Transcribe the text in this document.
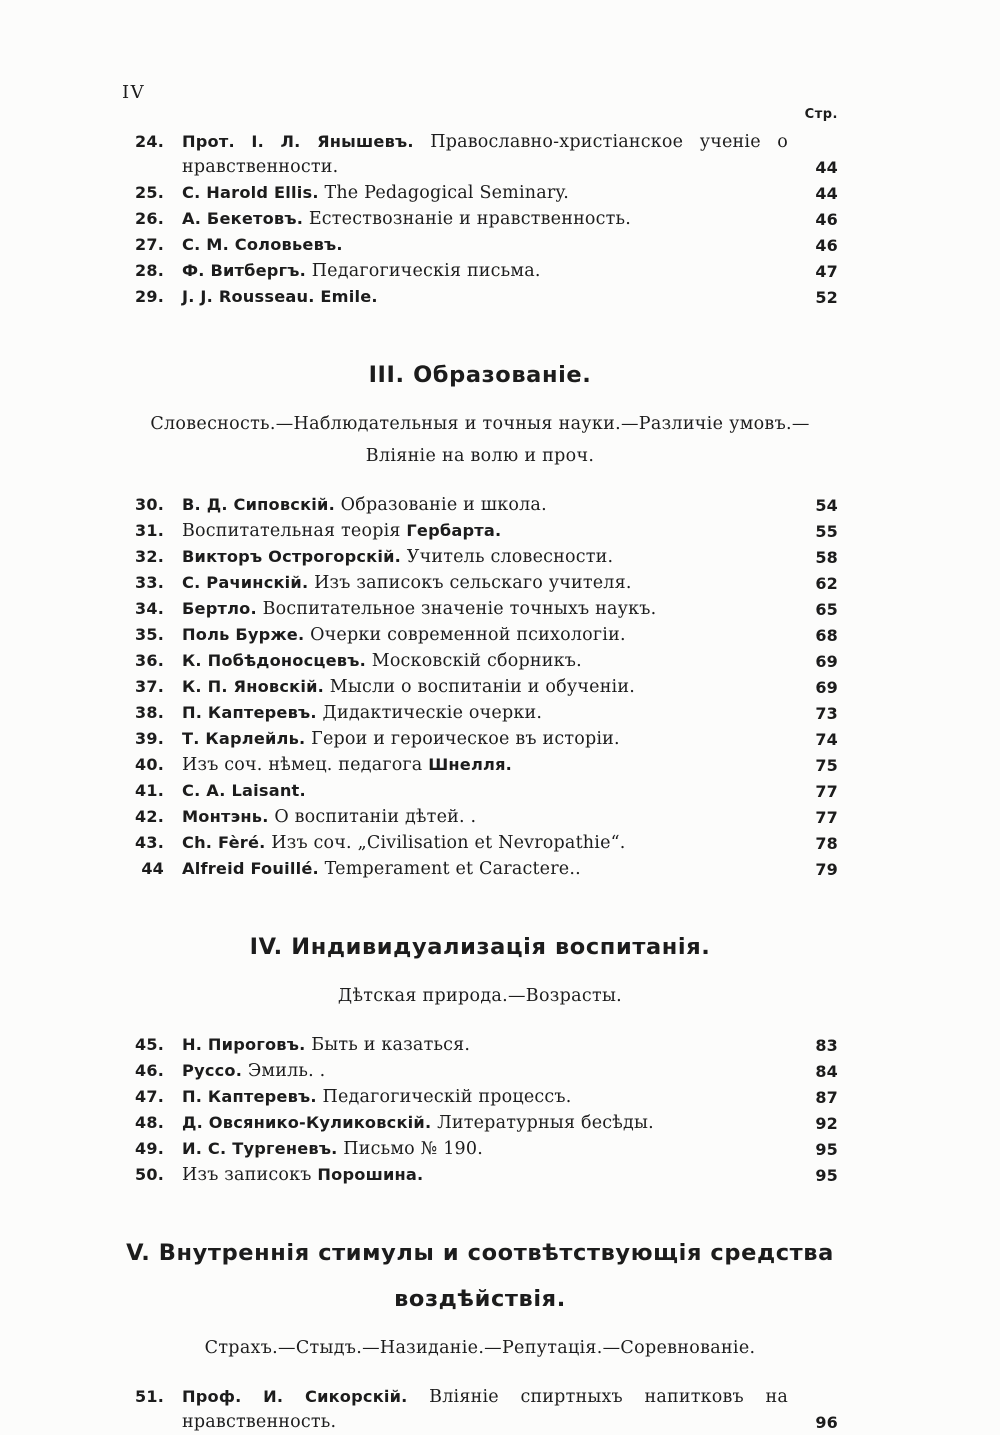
IV
Стр.
24. Прот. І. Л. Янышевъ. Православно-христіанское ученіе о нравственности.	44
25. C. Harold Ellis. The Pedagogical Seminary.	44
26. А. Бекетовъ. Естествознаніе и нравственность.	46
27. С. М. Соловьевъ.	46
28. Ф. Витбергъ. Педагогическія письма.	47
29. J. J. Rousseau. Emile.	52
III. Образованіе.
Словесность.—Наблюдательныя и точныя науки.—Различіе умовъ.—
Вліяніе на волю и проч.
30. В. Д. Сиповскій. Образованіе и школа.	54
31. Воспитательная теорія Гербарта.	55
32. Викторъ Острогорскій. Учитель словесности.	58
33. С. Рачинскій. Изъ записокъ сельскаго учителя.	62
34. Бертло. Воспитательное значеніе точныхъ наукъ.	65
35. Поль Бурже. Очерки современной психологіи.	68
36. К. Побѣдоносцевъ. Московскій сборникъ.	69
37. К. П. Яновскій. Мысли о воспитаніи и обученіи.	69
38. П. Каптеревъ. Дидактическіе очерки.	73
39. Т. Карлейль. Герои и героическое въ исторіи.	74
40. Изъ соч. нѣмец. педагога Шнелля.	75
41. C. A. Laisant.	77
42. Монтэнь. О воспитаніи дѣтей. .	77
43. Ch. Fèré. Изъ соч. „Civilisation et Nevropathie“.	78
44 Alfreid Fouillé. Temperament et Caractere..	79
IV. Индивидуализація воспитанія.
Дѣтская природа.—Возрасты.
45. Н. Пироговъ. Быть и казаться.	83
46. Руссо. Эмиль. .	84
47. П. Каптеревъ. Педагогическій процессъ.	87
48. Д. Овсянико-Куликовскій. Литературныя бесѣды.	92
49. И. С. Тургеневъ. Письмо № 190.	95
50. Изъ записокъ Порошина.	95
V. Внутреннія стимулы и соотвѣтствующія средства
воздѣйствія.
Страхъ.—Стыдъ.—Назиданіе.—Репутація.—Соревнованіе.
51. Проф. И. Сикорскій. Вліяніе спиртныхъ напитковъ на нравственность.	96
